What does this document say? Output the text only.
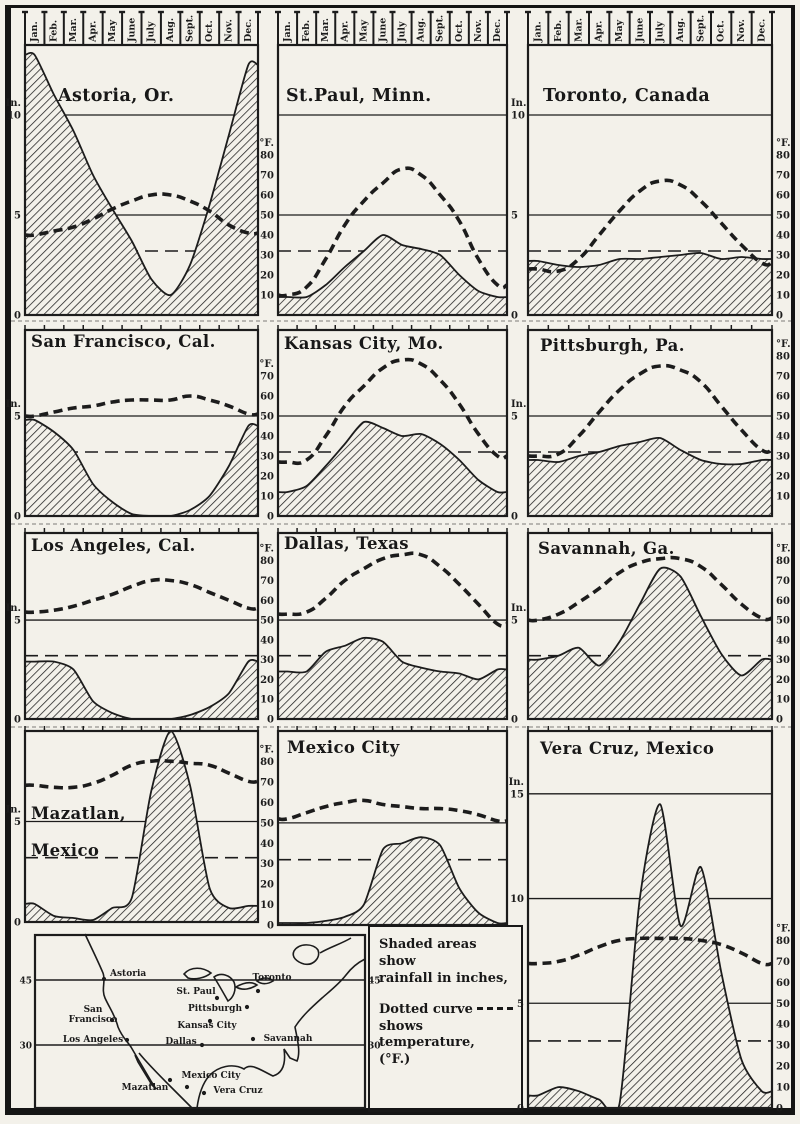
Jan. Feb. Mar. Apr. May June July Aug. Sept. Oct. Nov. Dec.	Jan. Feb. Mar. Apr. May June July Aug. Sept. Oct. Nov. Dec.	Jan. Feb. Mar. Apr. May June July Aug. Sept. Oct. Nov. Dec.
10
5
0
In.
10
5
0
In.
80
70
60
50
40
30
20
10
°F.
80
70
60
50
40
30
20
10
0
°F.
5
0
In.
5
0
In.
70
60
50
40
30
20
10
0
°F.
80
70
60
50
40
30
20
10
°F.
5
0
In.
5
0
In.
80
70
60
50
40
30
20
10
0
°F.
80
70
60
50
40
30
20
10
0
°F.
5
0
In.
80
70
60
50
40
30
20
10
0
°F.
15
10
5
0
In.
80
70
60
50
40
30
20
10
0
°F.
45	45
30	30
Astoria
St. Paul
Toronto
San Francisco
Pittsburgh
Kansas City
Los Angeles	Dallas	Savannah
Mexico City
Mazatlan	Vera Cruz
Astoria, Or.	St.Paul, Minn.	Toronto, Canada
San Francisco, Cal.	Kansas City, Mo.	Pittsburgh, Pa.
Los Angeles, Cal.	Dallas, Texas	Savannah, Ga.
Mazatlan,
Mexico
Mexico City	Vera Cruz, Mexico
Shaded areas show
rainfall in inches,
Dotted curve
shows temperature,
(°F.)
